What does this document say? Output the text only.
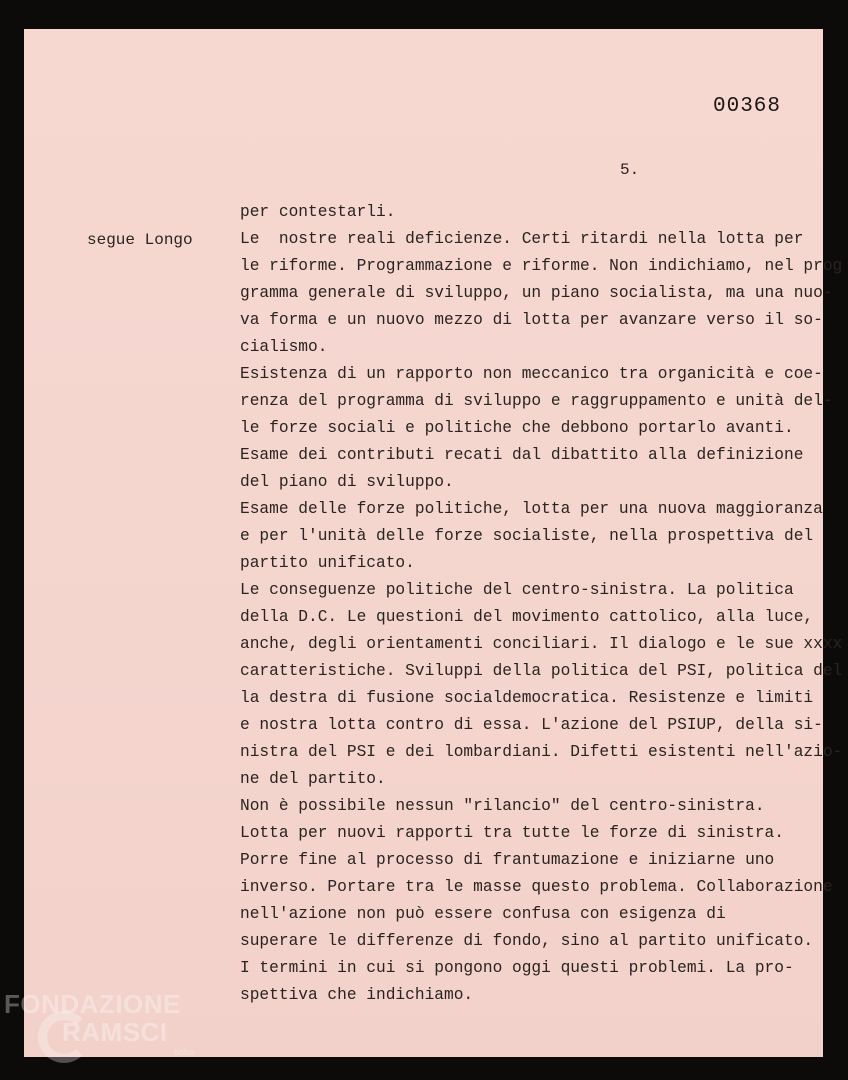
00368
5.
segue Longo
per contestarli.
Le  nostre reali deficienze. Certi ritardi nella lotta per
le riforme. Programmazione e riforme. Non indichiamo, nel prog
gramma generale di sviluppo, un piano socialista, ma una nuo-
va forma e un nuovo mezzo di lotta per avanzare verso il so-
cialismo.
Esistenza di un rapporto non meccanico tra organicità e coe-
renza del programma di sviluppo e raggruppamento e unità del-
le forze sociali e politiche che debbono portarlo avanti.
Esame dei contributi recati dal dibattito alla definizione
del piano di sviluppo.
Esame delle forze politiche, lotta per una nuova maggioranza
e per l'unità delle forze socialiste, nella prospettiva del
partito unificato.
Le conseguenze politiche del centro-sinistra. La politica
della D.C. Le questioni del movimento cattolico, alla luce,
anche, degli orientamenti conciliari. Il dialogo e le sue xxxx
caratteristiche. Sviluppi della politica del PSI, politica del
la destra di fusione socialdemocratica. Resistenze e limiti
e nostra lotta contro di essa. L'azione del PSIUP, della si-
nistra del PSI e dei lombardiani. Difetti esistenti nell'azio-
ne del partito.
Non è possibile nessun "rilancio" del centro-sinistra.
Lotta per nuovi rapporti tra tutte le forze di sinistra.
Porre fine al processo di frantumazione e iniziarne uno
inverso. Portare tra le masse questo problema. Collaborazione
nell'azione non può essere confusa con esigenza di
superare le differenze di fondo, sino al partito unificato.
I termini in cui si pongono oggi questi problemi. La pro-
spettiva che indichiamo.
FONDAZIONE
RAMSCI
onlus
